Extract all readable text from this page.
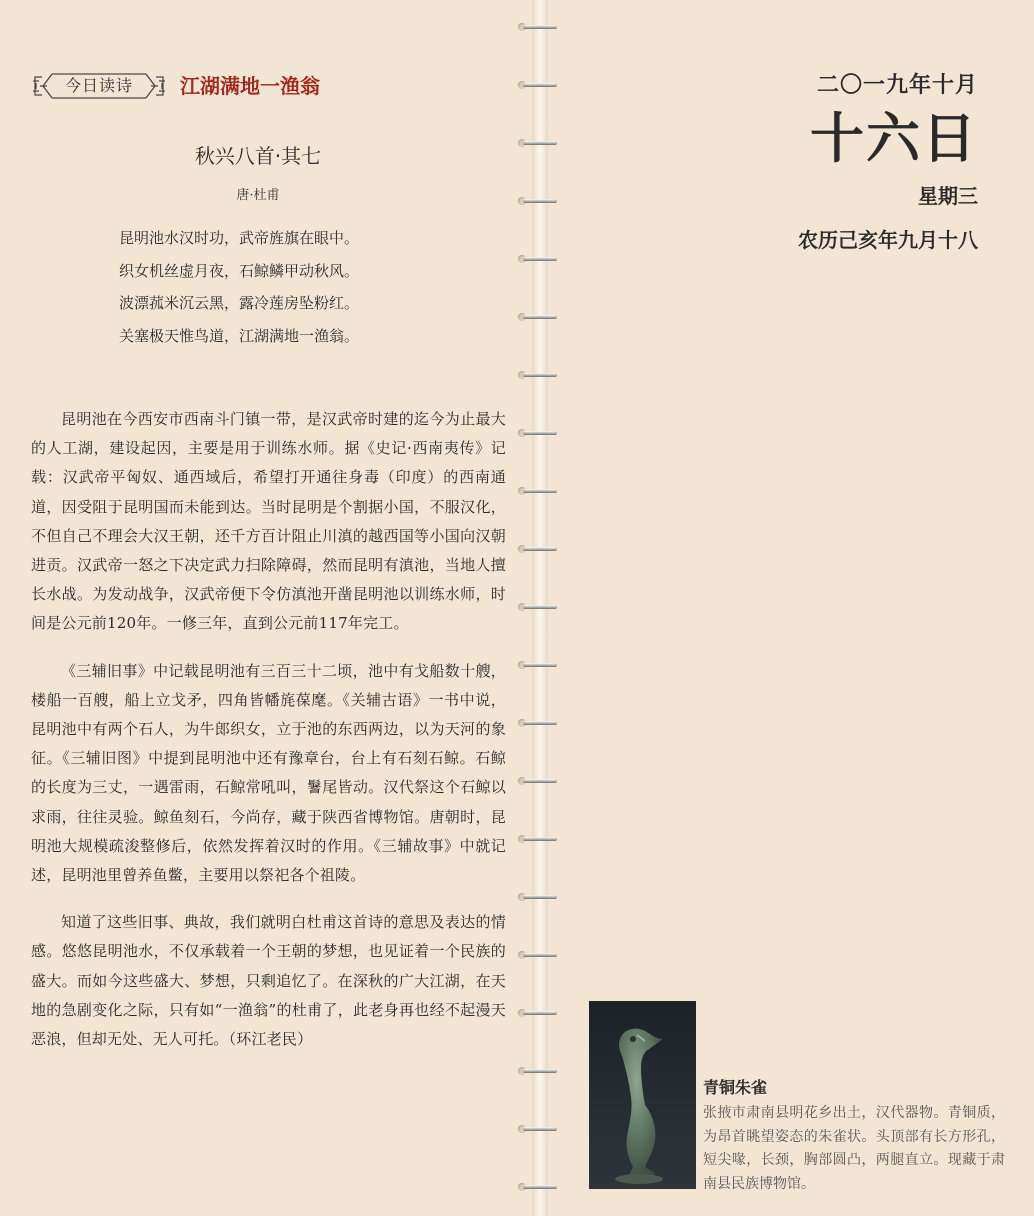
今日读诗	江湖满地一渔翁
秋兴八首·其七
唐·杜甫
昆明池水汉时功，武帝旌旗在眼中。
织女机丝虚月夜，石鲸鳞甲动秋风。
波漂菰米沉云黑，露冷莲房坠粉红。
关塞极天惟鸟道，江湖满地一渔翁。

昆明池在今西安市西南斗门镇一带，是汉武帝时建的迄今为止最大的人工湖，建设起因，主要是用于训练水师。据《史记·西南夷传》记载：汉武帝平匈奴、通西域后，希望打开通往身毒（印度）的西南通道，因受阻于昆明国而未能到达。当时昆明是个割据小国，不服汉化，不但自己不理会大汉王朝，还千方百计阻止川滇的越西国等小国向汉朝进贡。汉武帝一怒之下决定武力扫除障碍，然而昆明有滇池，当地人擅长水战。为发动战争，汉武帝便下令仿滇池开凿昆明池以训练水师，时间是公元前120年。一修三年，直到公元前117年完工。

《三辅旧事》中记载昆明池有三百三十二顷，池中有戈船数十艘，楼船一百艘，船上立戈矛，四角皆幡旄葆麾。《关辅古语》一书中说，昆明池中有两个石人，为牛郎织女，立于池的东西两边，以为天河的象征。《三辅旧图》中提到昆明池中还有豫章台，台上有石刻石鲸。石鲸的长度为三丈，一遇雷雨，石鲸常吼叫，鬐尾皆动。汉代祭这个石鲸以求雨，往往灵验。鲸鱼刻石，今尚存，藏于陕西省博物馆。唐朝时，昆明池大规模疏浚整修后，依然发挥着汉时的作用。《三辅故事》中就记述，昆明池里曾养鱼鳖，主要用以祭祀各个祖陵。

知道了这些旧事、典故，我们就明白杜甫这首诗的意思及表达的情感。悠悠昆明池水，不仅承载着一个王朝的梦想，也见证着一个民族的盛大。而如今这些盛大、梦想，只剩追忆了。在深秋的广大江湖，在天地的急剧变化之际，只有如“一渔翁”的杜甫了，此老身再也经不起漫天恶浪，但却无处、无人可托。（环江老民）

二〇一九年十月
十六日
星期三
农历己亥年九月十八
青铜朱雀
张掖市肃南县明花乡出土，汉代器物。青铜质，为昂首眺望姿态的朱雀状。头顶部有长方形孔，短尖喙，长颈，胸部圆凸，两腿直立。现藏于肃南县民族博物馆。
